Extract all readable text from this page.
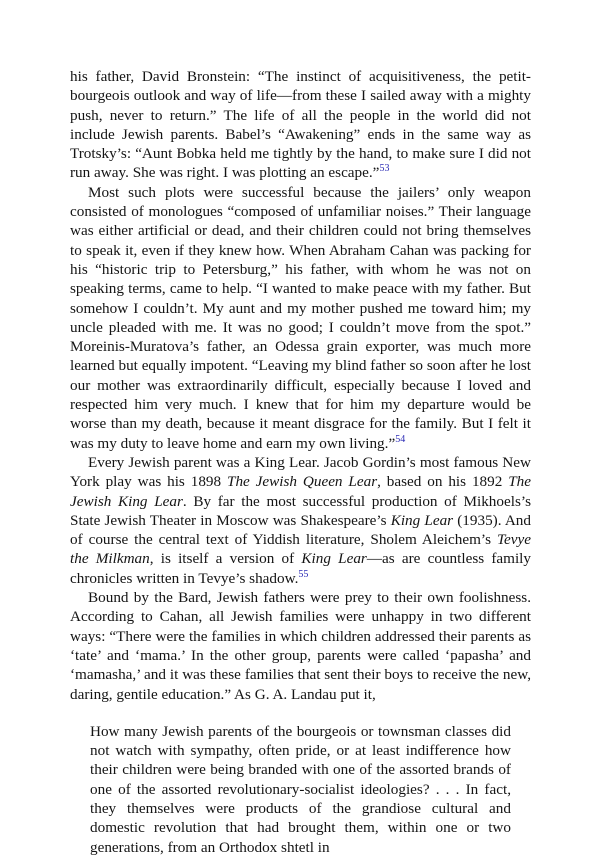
his father, David Bronstein: “The instinct of acquisitiveness, the petit-bourgeois outlook and way of life—from these I sailed away with a mighty push, never to return.” The life of all the people in the world did not include Jewish parents. Babel’s “Awakening” ends in the same way as Trotsky’s: “Aunt Bobka held me tightly by the hand, to make sure I did not run away. She was right. I was plotting an escape.”$^{53}$

Most such plots were successful because the jailers’ only weapon consisted of monologues “composed of unfamiliar noises.” Their language was either artificial or dead, and their children could not bring themselves to speak it, even if they knew how. When Abraham Cahan was packing for his “historic trip to Petersburg,” his father, with whom he was not on speaking terms, came to help. “I wanted to make peace with my father. But somehow I couldn’t. My aunt and my mother pushed me toward him; my uncle pleaded with me. It was no good; I couldn’t move from the spot.” Moreinis-Muratova’s father, an Odessa grain exporter, was much more learned but equally impotent. “Leaving my blind father so soon after he lost our mother was extraordinarily difficult, especially because I loved and respected him very much. I knew that for him my departure would be worse than my death, because it meant disgrace for the family. But I felt it was my duty to leave home and earn my own living.”$^{54}$

Every Jewish parent was a King Lear. Jacob Gordin’s most famous New York play was his 1898 The Jewish Queen Lear, based on his 1892 The Jewish King Lear. By far the most successful production of Mikhoels’s State Jewish Theater in Moscow was Shakespeare’s King Lear (1935). And of course the central text of Yiddish literature, Sholem Aleichem’s Tevye the Milkman, is itself a version of King Lear—as are countless family chronicles written in Tevye’s shadow.$^{55}$

Bound by the Bard, Jewish fathers were prey to their own foolishness. According to Cahan, all Jewish families were unhappy in two different ways: “There were the families in which children addressed their parents as ‘tate’ and ‘mama.’ In the other group, parents were called ‘papasha’ and ‘mamasha,’ and it was these families that sent their boys to receive the new, daring, gentile education.” As G. A. Landau put it,

How many Jewish parents of the bourgeois or townsman classes did not watch with sympathy, often pride, or at least indifference how their children were being branded with one of the assorted brands of one of the assorted revolutionary-socialist ideologies? . . . In fact, they themselves were products of the grandiose cultural and domestic revolution that had brought them, within one or two generations, from an Orthodox shtetl in
